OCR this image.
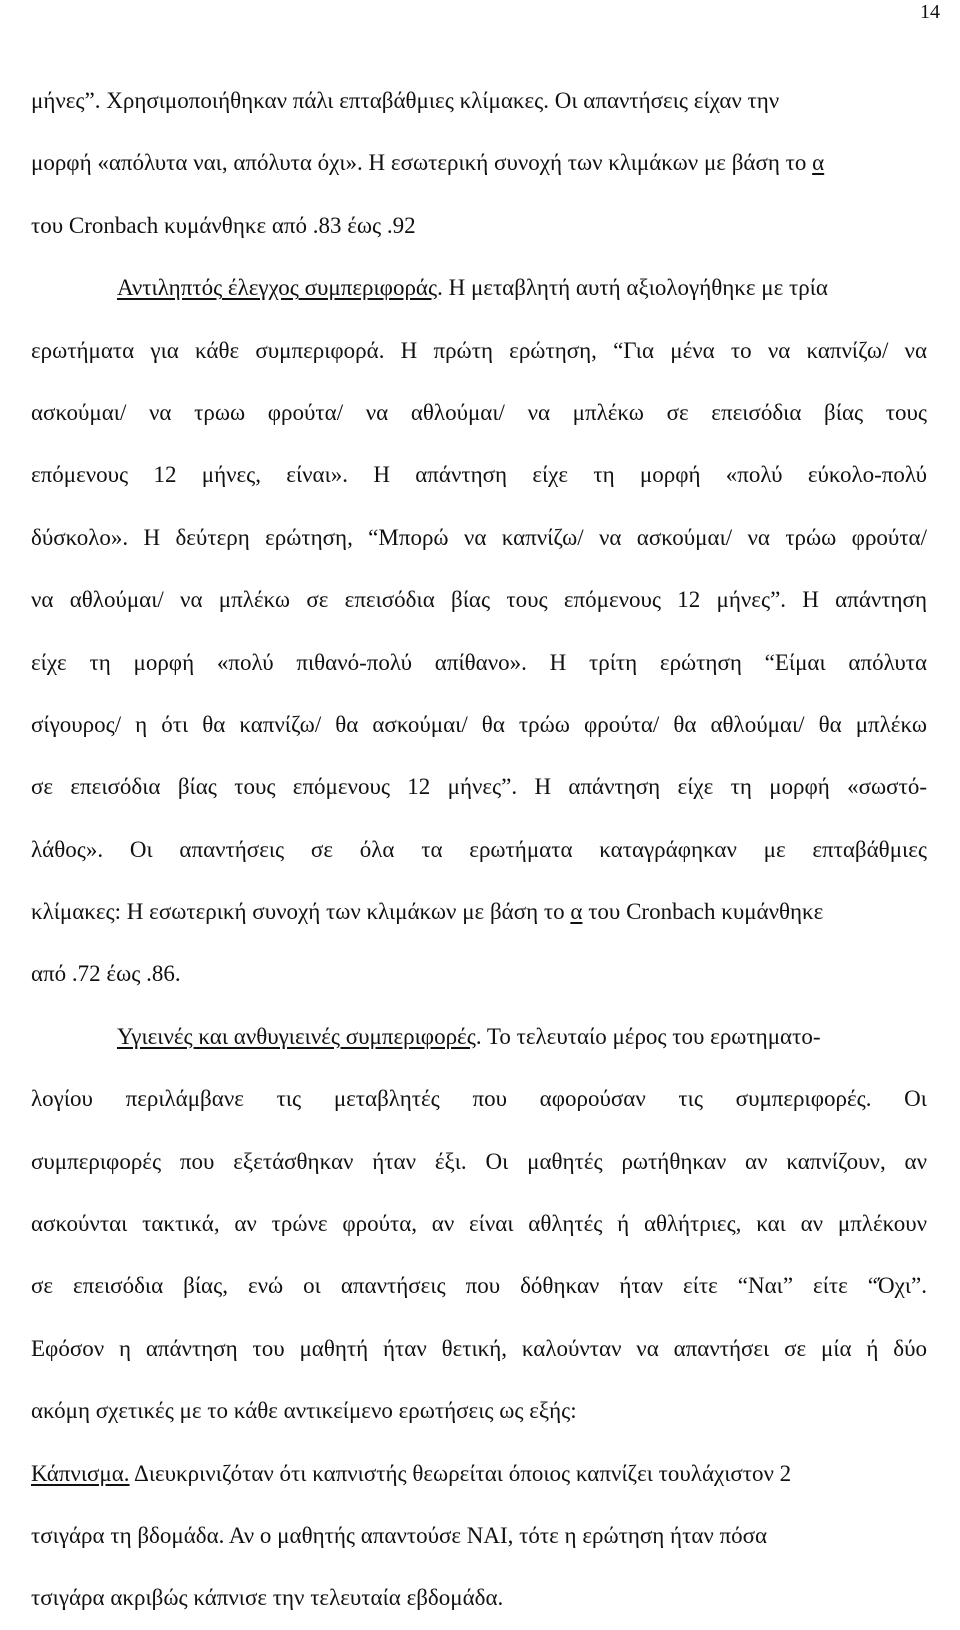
14
μήνες”. Χρησιμοποιήθηκαν πάλι επταβάθμιες κλίμακες. Οι απαντήσεις είχαν την
μορφή «απόλυτα ναι, απόλυτα όχι». Η εσωτερική συνοχή των κλιμάκων με βάση το α
του Cronbach κυμάνθηκε από .83 έως .92
Αντιληπτός έλεγχος συμπεριφοράς. Η μεταβλητή αυτή αξιολογήθηκε με τρία
ερωτήματα για κάθε συμπεριφορά. Η πρώτη ερώτηση, “Για μένα το να καπνίζω/ να
ασκούμαι/ να τρωω φρούτα/ να αθλούμαι/ να μπλέκω σε επεισόδια βίας τους
επόμενους 12 μήνες, είναι». Η απάντηση είχε τη μορφή «πολύ εύκολο-πολύ
δύσκολο». Η δεύτερη ερώτηση, “Μπορώ να καπνίζω/ να ασκούμαι/ να τρώω φρούτα/
να αθλούμαι/ να μπλέκω σε επεισόδια βίας τους επόμενους 12 μήνες”. Η απάντηση
είχε τη μορφή «πολύ πιθανό-πολύ απίθανο». Η τρίτη ερώτηση “Είμαι απόλυτα
σίγουρος/ η ότι θα καπνίζω/ θα ασκούμαι/ θα τρώω φρούτα/ θα αθλούμαι/ θα μπλέκω
σε επεισόδια βίας τους επόμενους 12 μήνες”. Η απάντηση είχε τη μορφή «σωστό-
λάθος». Οι απαντήσεις σε όλα τα ερωτήματα καταγράφηκαν με επταβάθμιες
κλίμακες: Η εσωτερική συνοχή των κλιμάκων με βάση το α του Cronbach κυμάνθηκε
από .72 έως .86.
Υγιεινές και ανθυγιεινές συμπεριφορές. Το τελευταίο μέρος του ερωτηματο-
λογίου περιλάμβανε τις μεταβλητές που αφορούσαν τις συμπεριφορές. Οι
συμπεριφορές που εξετάσθηκαν ήταν έξι. Οι μαθητές ρωτήθηκαν αν καπνίζουν, αν
ασκούνται τακτικά, αν τρώνε φρούτα, αν είναι αθλητές ή αθλήτριες, και αν μπλέκουν
σε επεισόδια βίας, ενώ οι απαντήσεις που δόθηκαν ήταν είτε “Ναι” είτε “Όχι”.
Εφόσον η απάντηση του μαθητή ήταν θετική, καλούνταν να απαντήσει σε μία ή δύο
ακόμη σχετικές με το κάθε αντικείμενο ερωτήσεις ως εξής:
Κάπνισμα. Διευκρινιζόταν ότι καπνιστής θεωρείται όποιος καπνίζει τουλάχιστον 2
τσιγάρα τη βδομάδα. Αν ο μαθητής απαντούσε ΝΑΙ, τότε η ερώτηση ήταν πόσα
τσιγάρα ακριβώς κάπνισε την τελευταία εβδομάδα.
